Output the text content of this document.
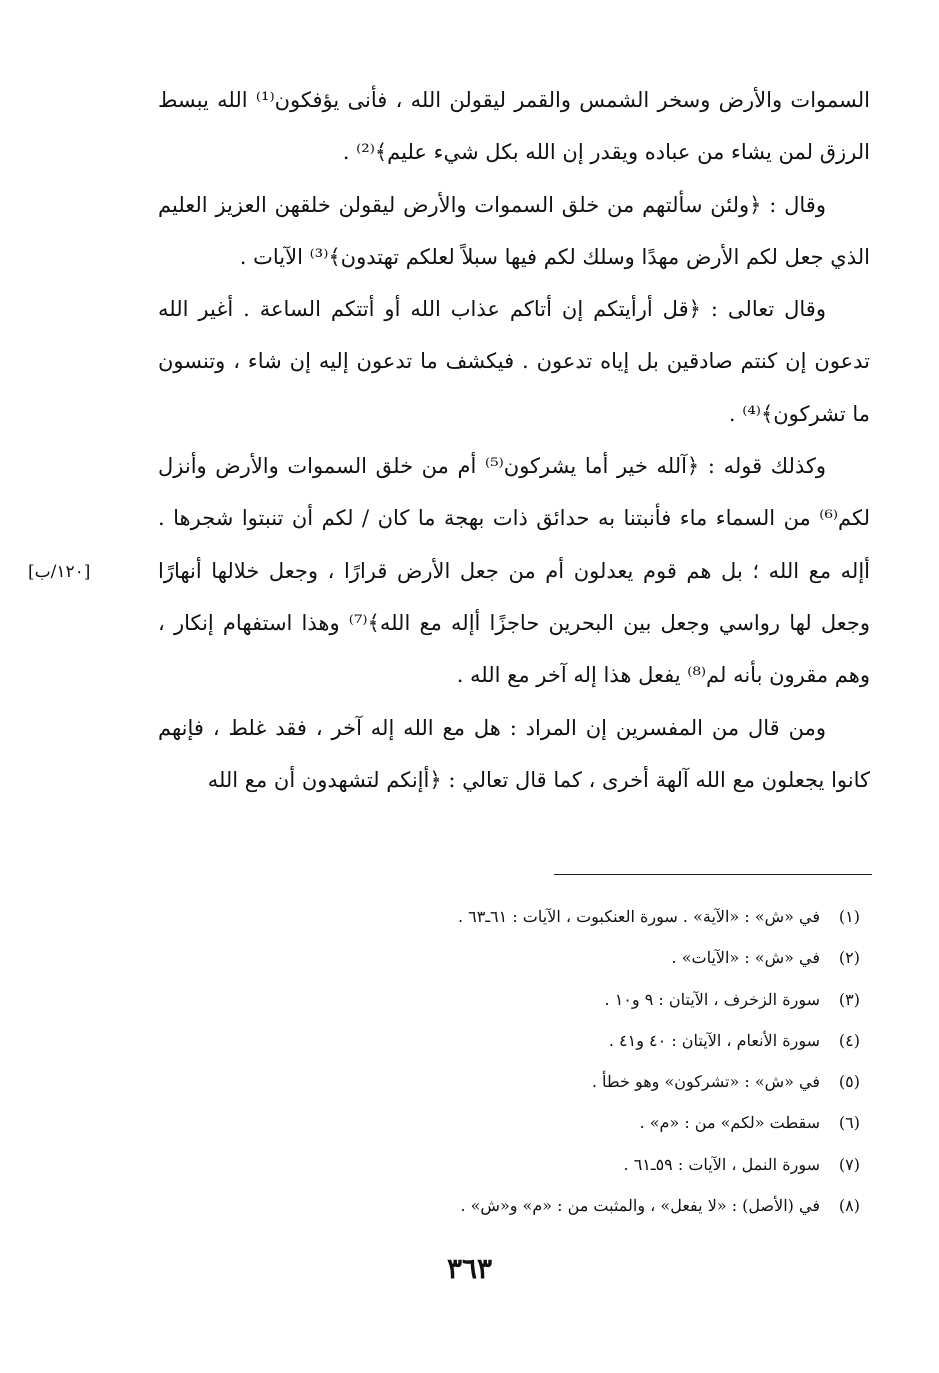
السموات والأرض وسخر الشمس والقمر ليقولن الله ، فأنى يؤفكون⁽¹⁾ الله يبسط الرزق لمن يشاء من عباده ويقدر إن الله بكل شيء عليم﴾⁽²⁾ .

وقال : ﴿ولئن سألتهم من خلق السموات والأرض ليقولن خلقهن العزيز العليم الذي جعل لكم الأرض مهدًا وسلك لكم فيها سبلاً لعلكم تهتدون﴾⁽³⁾ الآيات .

وقال تعالى : ﴿قل أرأيتكم إن أتاكم عذاب الله أو أتتكم الساعة . أغير الله تدعون إن كنتم صادقين بل إياه تدعون . فيكشف ما تدعون إليه إن شاء ، وتنسون ما تشركون﴾⁽⁴⁾ .

وكذلك قوله : ﴿آلله خير أما يشركون⁽⁵⁾ أم من خلق السموات والأرض وأنزل لكم⁽⁶⁾ من السماء ماء فأنبتنا به حدائق ذات بهجة ما كان / لكم أن تنبتوا شجرها . أإله مع الله ؛ بل هم قوم يعدلون أم من جعل الأرض قرارًا ، وجعل خلالها أنهارًا وجعل لها رواسي وجعل بين البحرين حاجزًا أإله مع الله﴾⁽⁷⁾ وهذا استفهام إنكار ، وهم مقرون بأنه لم⁽⁸⁾ يفعل هذا إله آخر مع الله .

ومن قال من المفسرين إن المراد : هل مع الله إله آخر ، فقد غلط ، فإنهم كانوا يجعلون مع الله آلهة أخرى ، كما قال تعالي : ﴿أإنكم لتشهدون أن مع الله

[١٢٠/ب]
(١)
في «ش» : «الآية» . سورة العنكبوت ، الآيات : ٦١ـ٦٣ .
(٢)
في «ش» : «الآيات» .
(٣)
سورة الزخرف ، الآيتان : ٩ و١٠ .
(٤)
سورة الأنعام ، الآيتان : ٤٠ و٤١ .
(٥)
في «ش» : «تشركون» وهو خطأ .
(٦)
سقطت «لكم» من : «م» .
(٧)
سورة النمل ، الآيات : ٥٩ـ٦١ .
(٨)
في (الأصل) : «لا يفعل» ، والمثبت من : «م» و«ش» .
٣٦٣
